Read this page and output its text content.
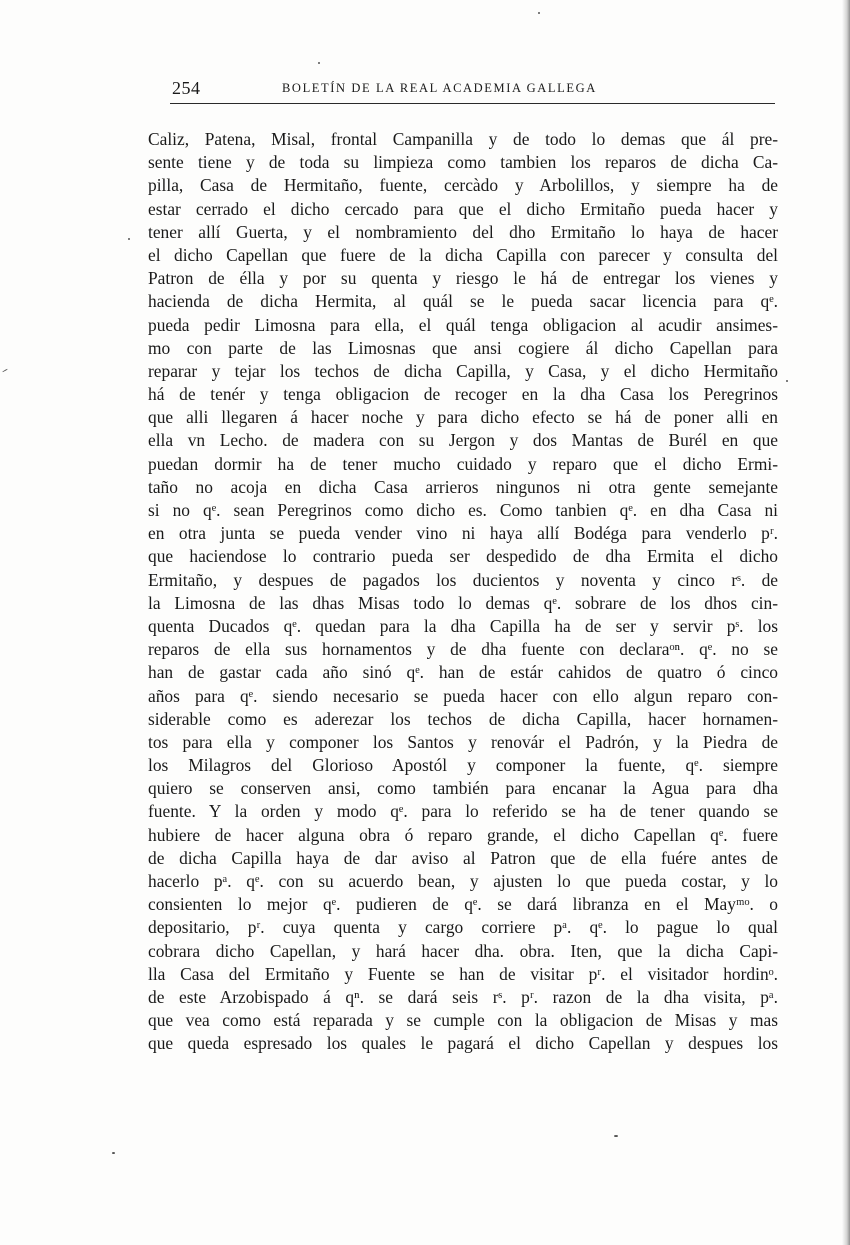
254	BOLETÍN DE LA REAL ACADEMIA GALLEGA
Caliz, Patena, Misal, frontal Campanilla y de todo lo demas que ál pre-
sente tiene y de toda su limpieza como tambien los reparos de dicha Ca-
pilla, Casa de Hermitaño, fuente, cercàdo y Arbolillos, y siempre ha de
estar cerrado el dicho cercado para que el dicho Ermitaño pueda hacer y
tener allí Guerta, y el nombramiento del dho Ermitaño lo haya de hacer
el dicho Capellan que fuere de la dicha Capilla con parecer y consulta del
Patron de élla y por su quenta y riesgo le há de entregar los vienes y
hacienda de dicha Hermita, al quál se le pueda sacar licencia para qᵉ.
pueda pedir Limosna para ella, el quál tenga obligacion al acudir ansimes-
mo con parte de las Limosnas que ansi cogiere ál dicho Capellan para
reparar y tejar los techos de dicha Capilla, y Casa, y el dicho Hermitaño
há de tenér y tenga obligacion de recoger en la dha Casa los Peregrinos
que alli llegaren á hacer noche y para dicho efecto se há de poner alli en
ella vn Lecho. de madera con su Jergon y dos Mantas de Burél en que
puedan dormir ha de tener mucho cuidado y reparo que el dicho Ermi-
taño no acoja en dicha Casa arrieros ningunos ni otra gente semejante
si no qᵉ. sean Peregrinos como dicho es. Como tanbien qᵉ. en dha Casa ni
en otra junta se pueda vender vino ni haya allí Bodéga para venderlo pʳ.
que haciendose lo contrario pueda ser despedido de dha Ermita el dicho
Ermitaño, y despues de pagados los ducientos y noventa y cinco rˢ. de
la Limosna de las dhas Misas todo lo demas qᵉ. sobrare de los dhos cin-
quenta Ducados qᵉ. quedan para la dha Capilla ha de ser y servir pˢ. los
reparos de ella sus hornamentos y de dha fuente con declaraᵒⁿ. qᵉ. no se
han de gastar cada año sinó qᵉ. han de estár cahidos de quatro ó cinco
años para qᵉ. siendo necesario se pueda hacer con ello algun reparo con-
siderable como es aderezar los techos de dicha Capilla, hacer hornamen-
tos para ella y componer los Santos y renovár el Padrón, y la Piedra de
los Milagros del Glorioso Apostól y componer la fuente, qᵉ. siempre
quiero se conserven ansi, como también para encanar la Agua para dha
fuente. Y la orden y modo qᵉ. para lo referido se ha de tener quando se
hubiere de hacer alguna obra ó reparo grande, el dicho Capellan qᵉ. fuere
de dicha Capilla haya de dar aviso al Patron que de ella fuére antes de
hacerlo pᵃ. qᵉ. con su acuerdo bean, y ajusten lo que pueda costar, y lo
consienten lo mejor qᵉ. pudieren de qᵉ. se dará libranza en el Mayᵐᵒ. o
depositario, pʳ. cuya quenta y cargo corriere pᵃ. qᵉ. lo pague lo qual
cobrara dicho Capellan, y hará hacer dha. obra. Iten, que la dicha Capi-
lla Casa del Ermitaño y Fuente se han de visitar pʳ. el visitador hordinᵒ.
de este Arzobispado á qⁿ. se dará seis rˢ. pʳ. razon de la dha visita, pᵃ.
que vea como está reparada y se cumple con la obligacion de Misas y mas
que queda espresado los quales le pagará el dicho Capellan y despues los
